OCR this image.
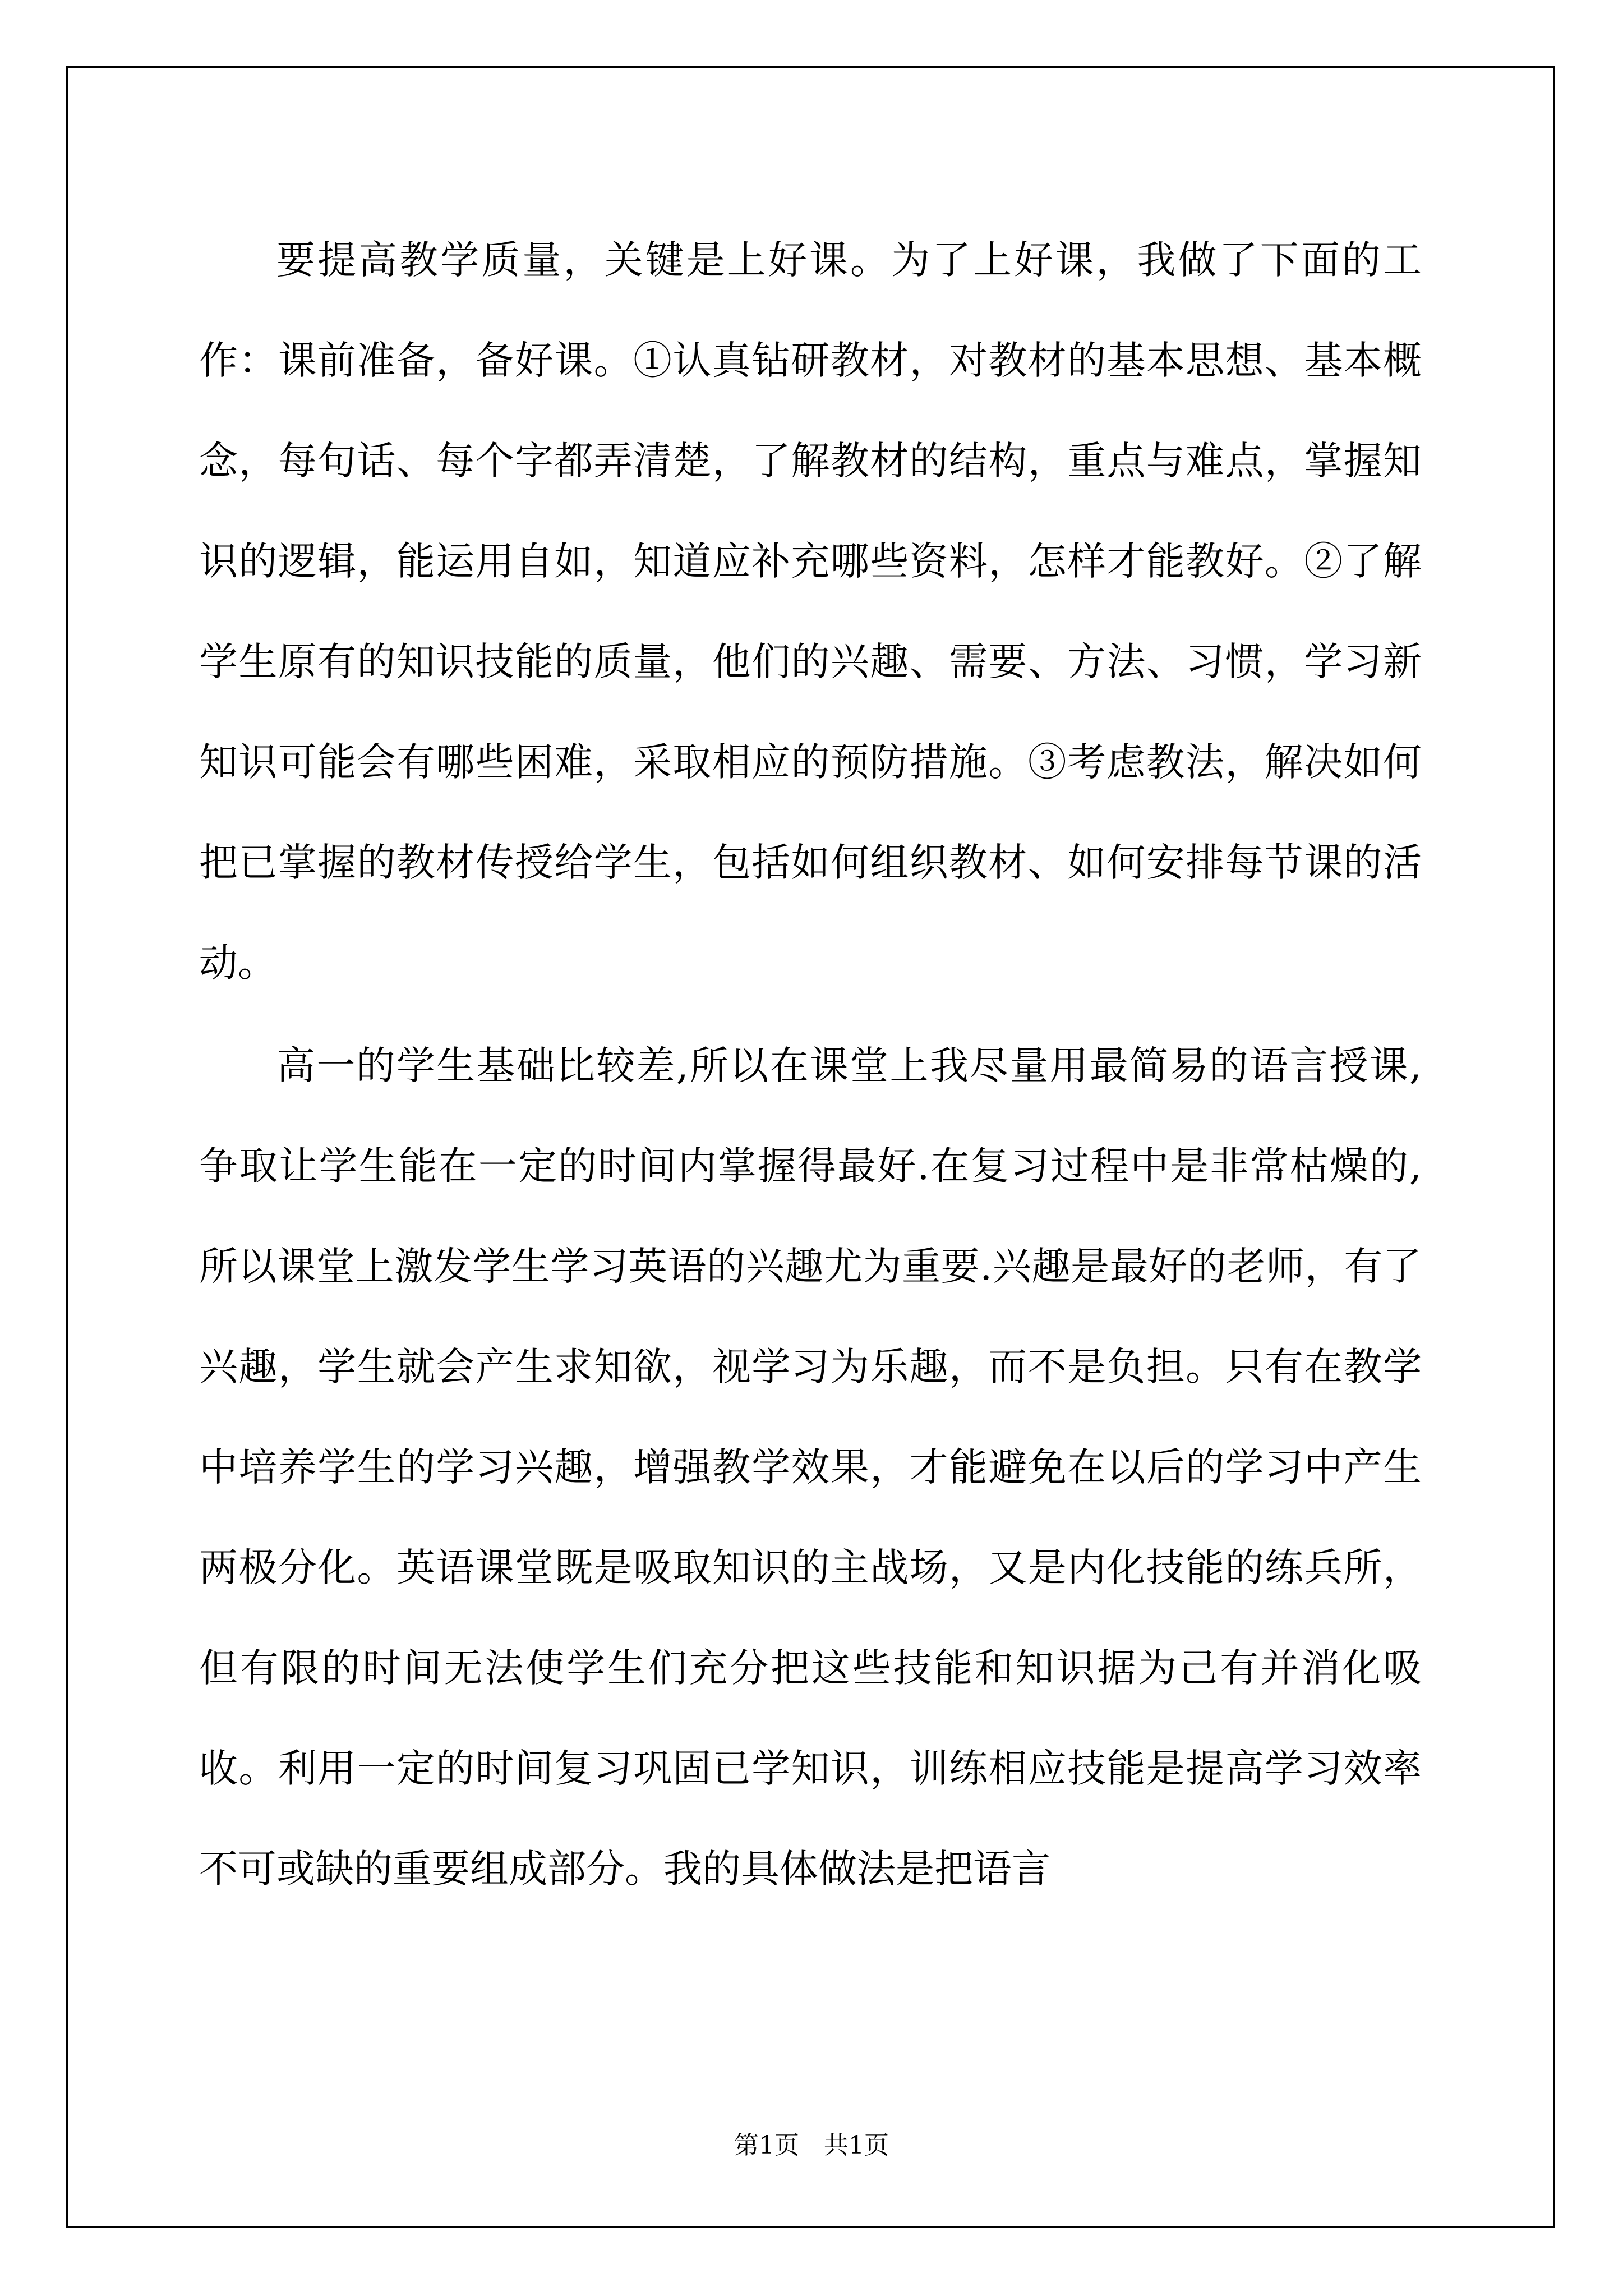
要提高教学质量，关键是上好课。为了上好课，我做了下面的工作：课前准备，备好课。①认真钻研教材，对教材的基本思想、基本概念，每句话、每个字都弄清楚，了解教材的结构，重点与难点，掌握知识的逻辑，能运用自如，知道应补充哪些资料，怎样才能教好。②了解学生原有的知识技能的质量，他们的兴趣、需要、方法、习惯，学习新知识可能会有哪些困难，采取相应的预防措施。③考虑教法，解决如何把已掌握的教材传授给学生，包括如何组织教材、如何安排每节课的活动。

高一的学生基础比较差,所以在课堂上我尽量用最简易的语言授课,争取让学生能在一定的时间内掌握得最好.在复习过程中是非常枯燥的,所以课堂上激发学生学习英语的兴趣尤为重要.兴趣是最好的老师，有了兴趣，学生就会产生求知欲，视学习为乐趣，而不是负担。只有在教学中培养学生的学习兴趣，增强教学效果，才能避免在以后的学习中产生两极分化。英语课堂既是吸取知识的主战场，又是内化技能的练兵所，但有限的时间无法使学生们充分把这些技能和知识据为己有并消化吸收。利用一定的时间复习巩固已学知识，训练相应技能是提高学习效率不可或缺的重要组成部分。我的具体做法是把语言

第1页　共1页
